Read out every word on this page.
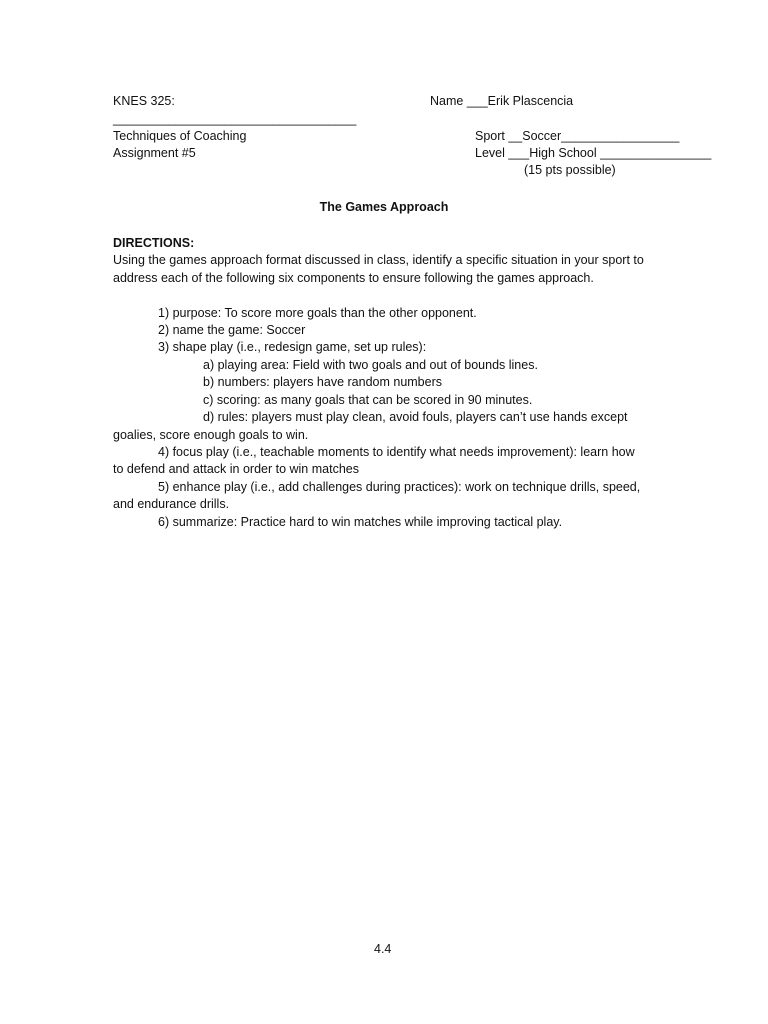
KNES 325:
___________________________________
Techniques of Coaching
Assignment #5
Name ___Erik Plascencia
Sport __Soccer_________________
Level ___High School ________________
(15 pts possible)
The Games Approach
DIRECTIONS:
Using the games approach format discussed in class, identify a specific situation in your sport to
address each of the following six components to ensure following the games approach.
1) purpose: To score more goals than the other opponent.
2) name the game: Soccer
3) shape play (i.e., redesign game, set up rules):
a) playing area: Field with two goals and out of bounds lines.
b) numbers: players have random numbers
c) scoring: as many goals that can be scored in 90 minutes.
d) rules: players must play clean, avoid fouls, players can’t use hands except
goalies, score enough goals to win.
4) focus play (i.e., teachable moments to identify what needs improvement): learn how
to defend and attack in order to win matches
5) enhance play (i.e., add challenges during practices): work on technique drills, speed,
and endurance drills.
6) summarize: Practice hard to win matches while improving tactical play.
4.4
